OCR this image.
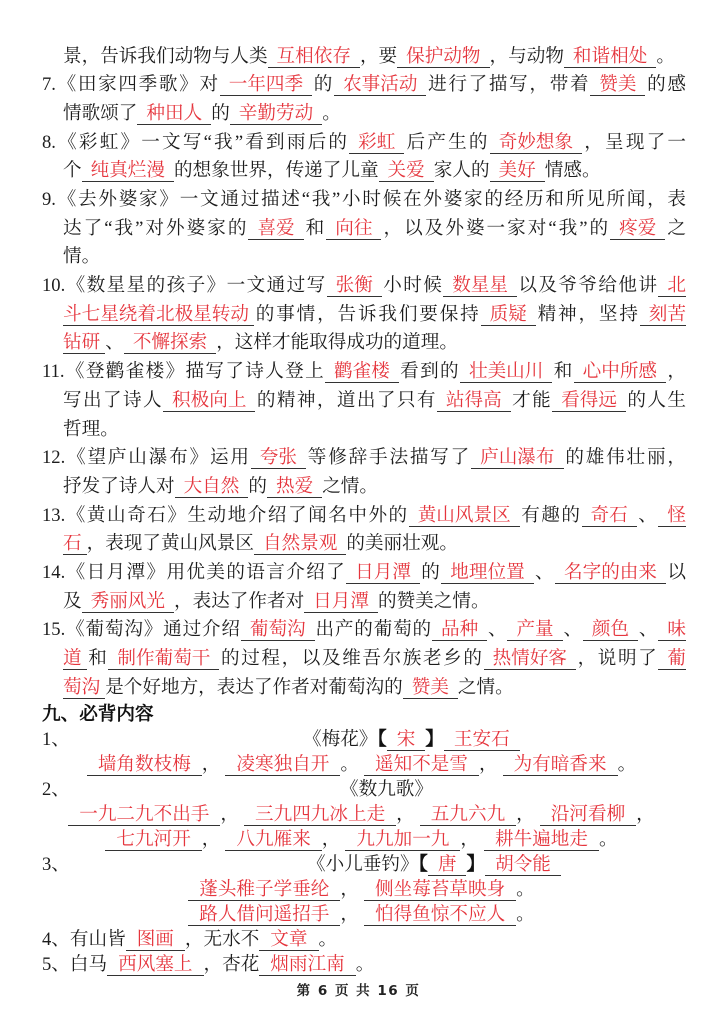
景，告诉我们动物与人类 互相依存 ，要 保护动物 ，与动物 和谐相处 。
7.《田家四季歌》对 一年四季 的 农事活动 进行了描写，带着 赞美 的感
情歌颂了 种田人 的 辛勤劳动 。
8.《彩虹》一文写“我”看到雨后的 彩虹 后产生的 奇妙想象 ，呈现了一
个 纯真烂漫 的想象世界，传递了儿童 关爱 家人的 美好 情感。
9.《去外婆家》一文通过描述“我”小时候在外婆家的经历和所见所闻，表
达了“我”对外婆家的 喜爱 和 向往 ，以及外婆一家对“我”的 疼爱 之
情。
10.《数星星的孩子》一文通过写 张衡 小时候 数星星 以及爷爷给他讲 北
斗七星绕着北极星转动 的事情，告诉我们要保持 质疑 精神，坚持 刻苦
钻研 、 不懈探索 ，这样才能取得成功的道理。
11.《登鹳雀楼》描写了诗人登上 鹳雀楼 看到的 壮美山川 和 心中所感 ，
写出了诗人 积极向上 的精神，道出了只有 站得高 才能 看得远 的人生
哲理。
12.《望庐山瀑布》运用 夸张 等修辞手法描写了 庐山瀑布 的雄伟壮丽，
抒发了诗人对 大自然 的 热爱 之情。
13.《黄山奇石》生动地介绍了闻名中外的 黄山风景区 有趣的 奇石 、 怪
石 ，表现了黄山风景区 自然景观 的美丽壮观。
14.《日月潭》用优美的语言介绍了 日月潭 的 地理位置 、 名字的由来 以
及 秀丽风光 ，表达了作者对 日月潭 的赞美之情。
15.《葡萄沟》通过介绍 葡萄沟 出产的葡萄的 品种 、 产量 、 颜色 、 味
道 和 制作葡萄干 的过程，以及维吾尔族老乡的 热情好客 ，说明了 葡
萄沟 是个好地方，表达了作者对葡萄沟的 赞美 之情。
九、必背内容
1、	《梅花》【 宋 】 王安石
墙角数枝梅 ， 凌寒独自开 。 遥知不是雪 ， 为有暗香来 。
2、	《数九歌》
一九二九不出手 ， 三九四九冰上走 ， 五九六九 ， 沿河看柳 ，
七九河开 ， 八九雁来 ， 九九加一九 ， 耕牛遍地走 。
3、	《小儿垂钓》【 唐 】 胡令能
蓬头稚子学垂纶 ， 侧坐莓苔草映身 。
路人借问遥招手 ， 怕得鱼惊不应人 。
4、有山皆 图画 ，无水不 文章 。
5、白马 西风塞上 ，杏花 烟雨江南 。
第 6 页 共 16 页
